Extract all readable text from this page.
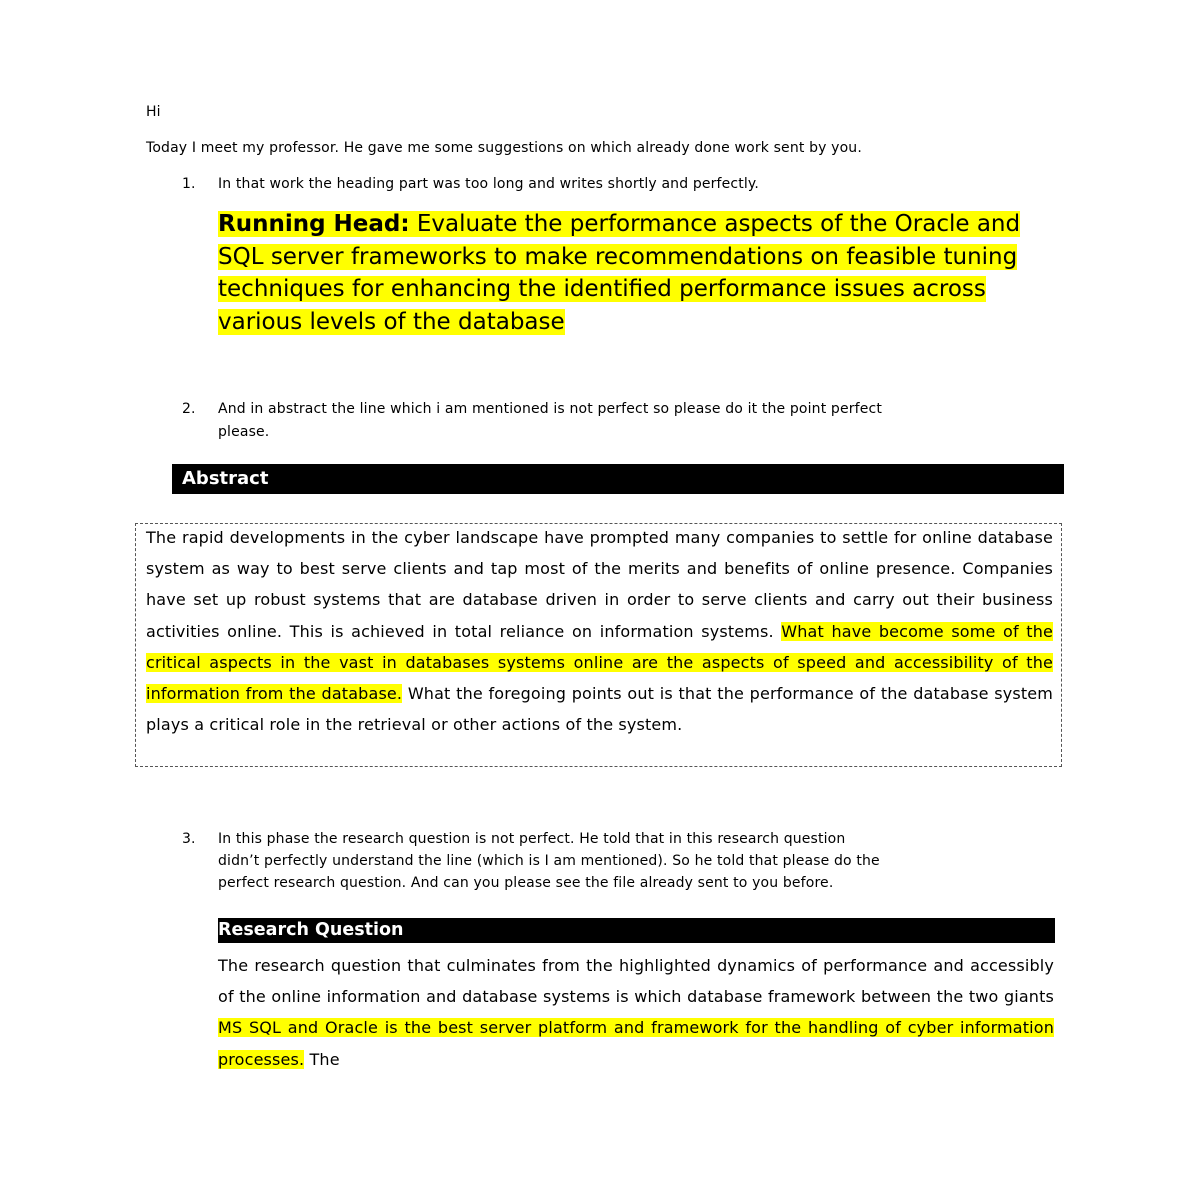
Hi
Today I meet my professor. He gave me some suggestions on which already done work sent by you.
1.	In that work the heading part was too long and writes shortly and perfectly.
Running Head: Evaluate the performance aspects of the Oracle and SQL server frameworks to make recommendations on feasible tuning techniques for enhancing the identified performance issues across various levels of the database
2.	And in abstract the line which i am mentioned is not perfect so please do it the point perfect
please.
Abstract
The rapid developments in the cyber landscape have prompted many companies to settle for online database system as way to best serve clients and tap most of the merits and benefits of online presence. Companies have set up robust systems that are database driven in order to serve clients and carry out their business activities online. This is achieved in total reliance on information systems. What have become some of the critical aspects in the vast in databases systems online are the aspects of speed and accessibility of the information from the database. What the foregoing points out is that the performance of the database system plays a critical role in the retrieval or other actions of the system.
3.	In this phase the research question is not perfect. He told that in this research question
didn’t perfectly understand the line (which is I am mentioned). So he told that please do the
perfect research question. And can you please see the file already sent to you before.
Research Question
The research question that culminates from the highlighted dynamics of performance and accessibly of the online information and database systems is which database framework between the two giants MS SQL and Oracle is the best server platform and framework for the handling of cyber information processes. The
